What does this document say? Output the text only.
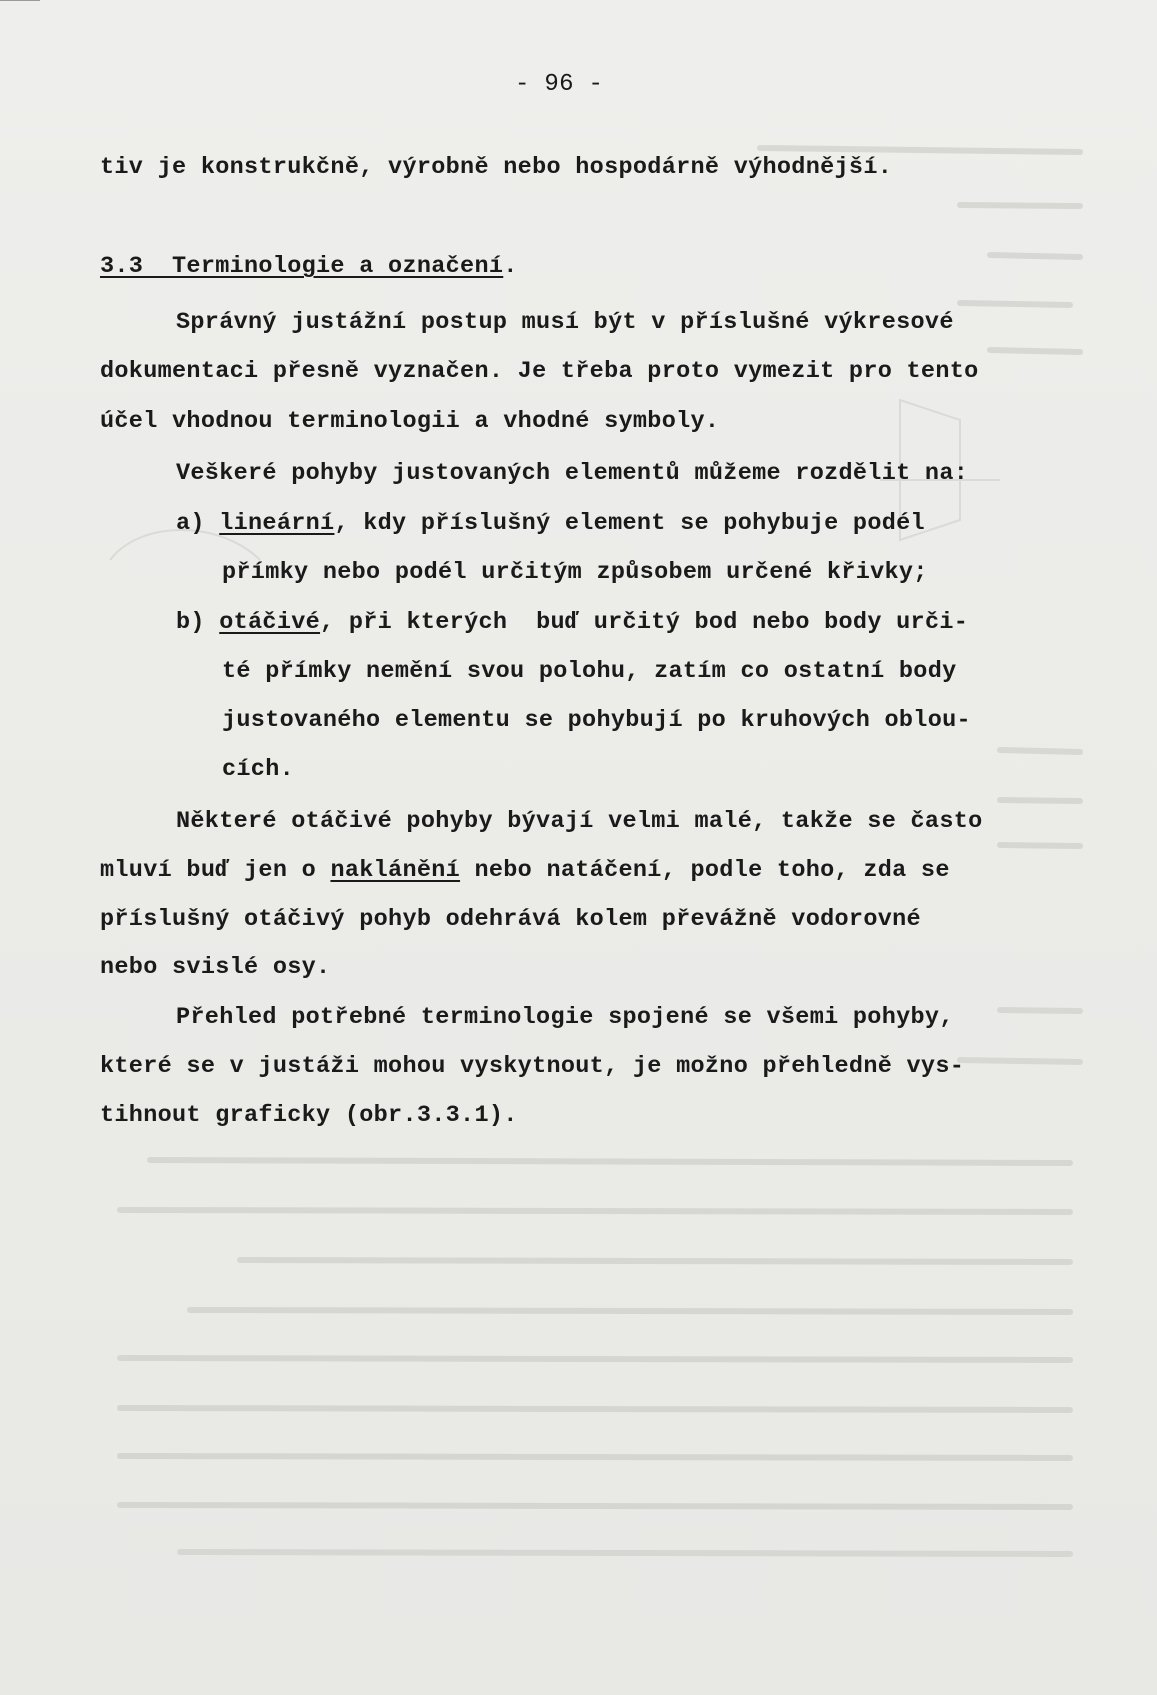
- 96 -
tiv je konstrukčně, výrobně nebo hospodárně výhodnější.
3.3  Terminologie a označení.
Správný justážní postup musí být v příslušné výkresové
dokumentaci přesně vyznačen. Je třeba proto vymezit pro tento
účel vhodnou terminologii a vhodné symboly.
Veškeré pohyby justovaných elementů můžeme rozdělit na:
a) lineární, kdy příslušný element se pohybuje podél
přímky nebo podél určitým způsobem určené křivky;
b) otáčivé, při kterých  buď určitý bod nebo body urči-
té přímky nemění svou polohu, zatím co ostatní body
justovaného elementu se pohybují po kruhových oblou-
cích.
Některé otáčivé pohyby bývají velmi malé, takže se často
mluví buď jen o naklánění nebo natáčení, podle toho, zda se
příslušný otáčivý pohyb odehrává kolem převážně vodorovné
nebo svislé osy.
Přehled potřebné terminologie spojené se všemi pohyby,
které se v justáži mohou vyskytnout, je možno přehledně vys-
tihnout graficky (obr.3.3.1).
